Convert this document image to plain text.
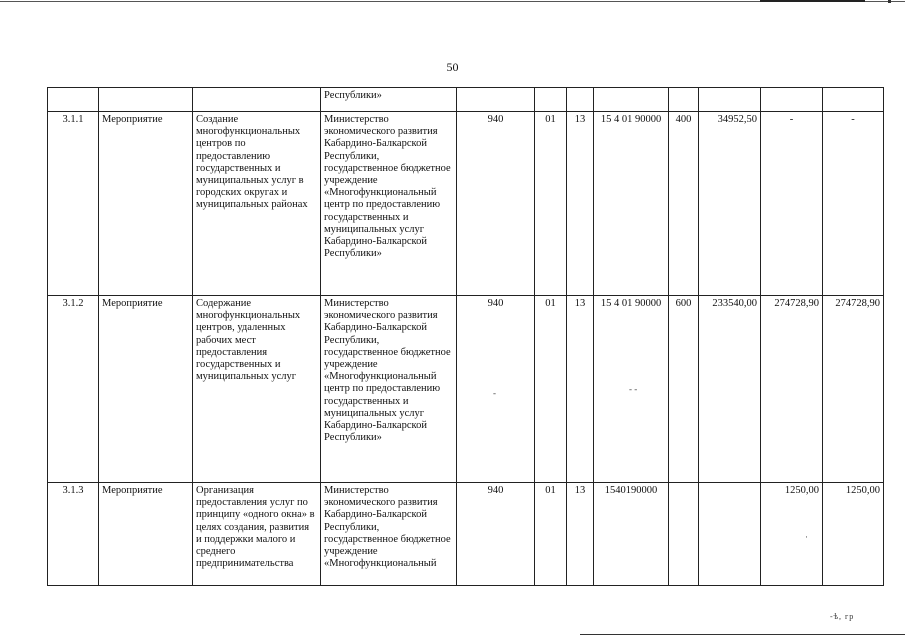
50
			Республики»								
3.1.1	Мероприятие	Создание многофункциональных центров по предоставлению государственных и муниципальных услуг в городских округах и муниципальных районах	Министерство экономического развития Кабардино-Балкарской Республики, государственное бюджетное учреждение «Многофункциональный центр по предоставлению государственных и муниципальных услуг Кабардино-Балкарской Республики»	940	01	13	15 4 01 90000	400	34952,50	-	-
3.1.2	Мероприятие	Содержание многофункциональных центров, удаленных рабочих мест предоставления государственных и муниципальных услуг	Министерство экономического развития Кабардино-Балкарской Республики, государственное бюджетное учреждение «Многофункциональный центр по предоставлению государственных и муниципальных услуг Кабардино-Балкарской Республики»	940	01	13	15 4 01 90000	600	233540,00	274728,90	274728,90
3.1.3	Мероприятие	Организация предоставления услуг по принципу «одного окна» в целях создания, развития и поддержки малого и среднего предпринимательства	Министерство экономического развития Кабардино-Балкарской Республики, государственное бюджетное учреждение «Многофункциональный	940	01	13	1540190000			1250,00	1250,00
-	- -
·
‑ѣ, гр
